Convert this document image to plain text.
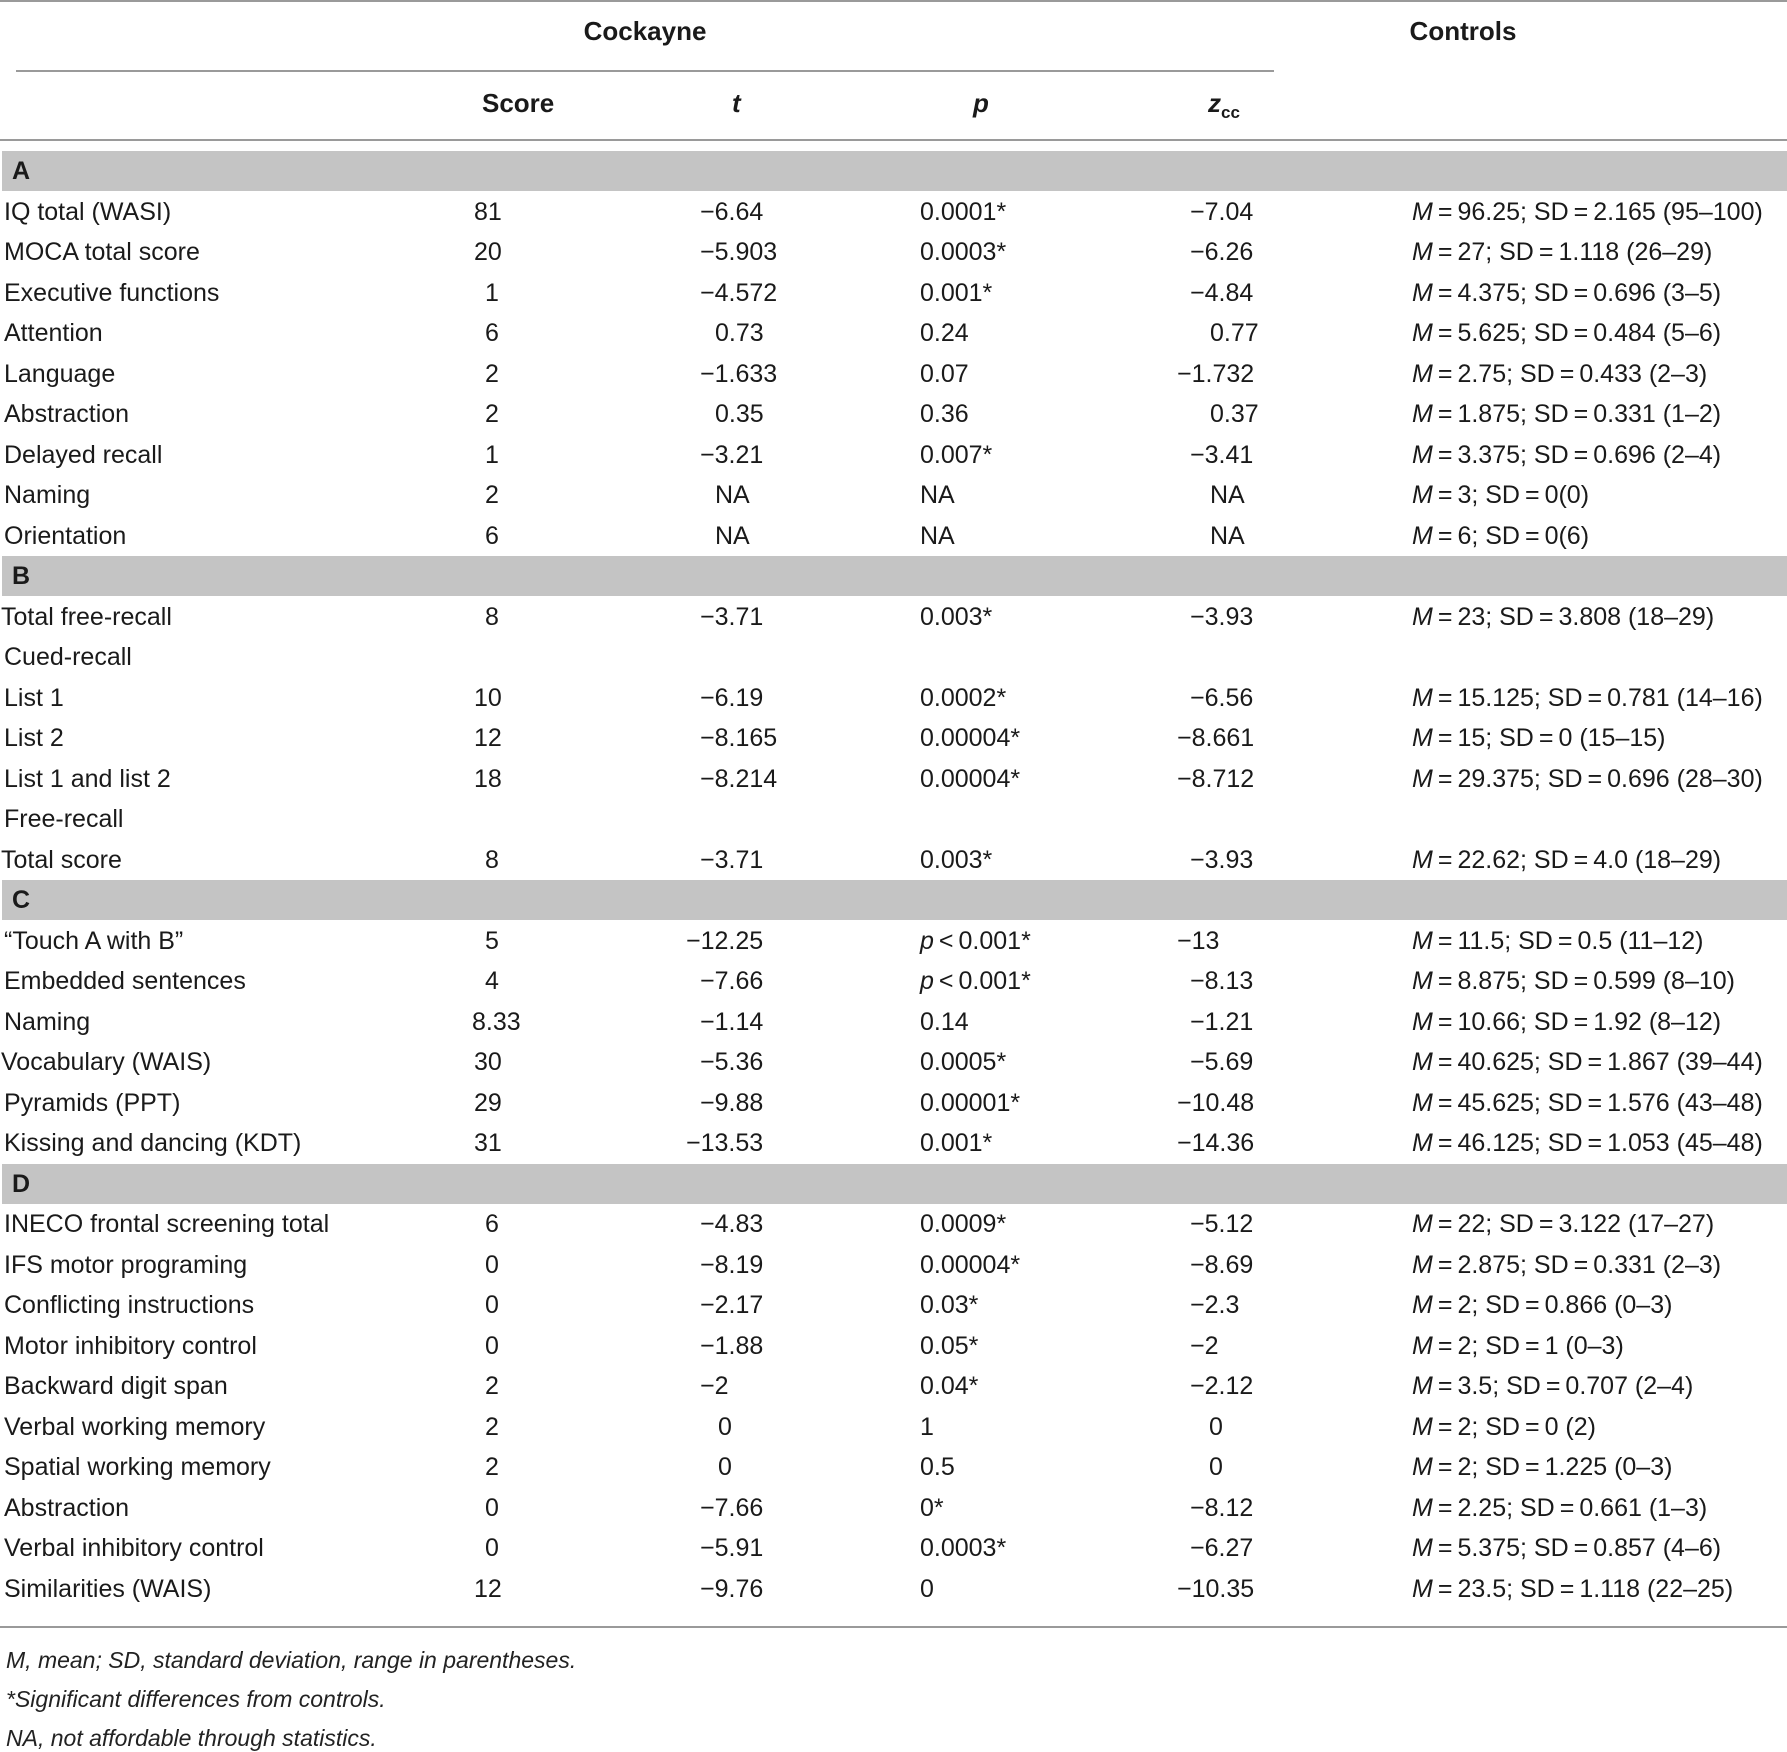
Cockayne	Controls
Score	t	p	$z_{cc}$
A
IQ total (WASI)	81	−6.64	0.0001*	−7.04	M = 96.25; SD = 2.165 (95–100)
MOCA total score	20	−5.903	0.0003*	−6.26	M = 27; SD = 1.118 (26–29)
Executive functions	1	−4.572	0.001*	−4.84	M = 4.375; SD = 0.696 (3–5)
Attention	6	0.73	0.24	0.77	M = 5.625; SD = 0.484 (5–6)
Language	2	−1.633	0.07	−1.732	M = 2.75; SD = 0.433 (2–3)
Abstraction	2	0.35	0.36	0.37	M = 1.875; SD = 0.331 (1–2)
Delayed recall	1	−3.21	0.007*	−3.41	M = 3.375; SD = 0.696 (2–4)
Naming	2	NA	NA	NA	M = 3; SD = 0(0)
Orientation	6	NA	NA	NA	M = 6; SD = 0(6)
B
Total free-recall	8	−3.71	0.003*	−3.93	M = 23; SD = 3.808 (18–29)
Cued-recall
List 1	10	−6.19	0.0002*	−6.56	M = 15.125; SD = 0.781 (14–16)
List 2	12	−8.165	0.00004*	−8.661	M = 15; SD = 0 (15–15)
List 1 and list 2	18	−8.214	0.00004*	−8.712	M = 29.375; SD = 0.696 (28–30)
Free-recall
Total score	8	−3.71	0.003*	−3.93	M = 22.62; SD = 4.0 (18–29)
C
“Touch A with B”	5	−12.25	p < 0.001*	−13	M = 11.5; SD = 0.5 (11–12)
Embedded sentences	4	−7.66	p < 0.001*	−8.13	M = 8.875; SD = 0.599 (8–10)
Naming	8.33	−1.14	0.14	−1.21	M = 10.66; SD = 1.92 (8–12)
Vocabulary (WAIS)	30	−5.36	0.0005*	−5.69	M = 40.625; SD = 1.867 (39–44)
Pyramids (PPT)	29	−9.88	0.00001*	−10.48	M = 45.625; SD = 1.576 (43–48)
Kissing and dancing (KDT)	31	−13.53	0.001*	−14.36	M = 46.125; SD = 1.053 (45–48)
D
INECO frontal screening total	6	−4.83	0.0009*	−5.12	M = 22; SD = 3.122 (17–27)
IFS motor programing	0	−8.19	0.00004*	−8.69	M = 2.875; SD = 0.331 (2–3)
Conflicting instructions	0	−2.17	0.03*	−2.3	M = 2; SD = 0.866 (0–3)
Motor inhibitory control	0	−1.88	0.05*	−2	M = 2; SD = 1 (0–3)
Backward digit span	2	−2	0.04*	−2.12	M = 3.5; SD = 0.707 (2–4)
Verbal working memory	2	0	1	0	M = 2; SD = 0 (2)
Spatial working memory	2	0	0.5	0	M = 2; SD = 1.225 (0–3)
Abstraction	0	−7.66	0*	−8.12	M = 2.25; SD = 0.661 (1–3)
Verbal inhibitory control	0	−5.91	0.0003*	−6.27	M = 5.375; SD = 0.857 (4–6)
Similarities (WAIS)	12	−9.76	0	−10.35	M = 23.5; SD = 1.118 (22–25)
M, mean; SD, standard deviation, range in parentheses.
*Significant differences from controls.
NA, not affordable through statistics.
